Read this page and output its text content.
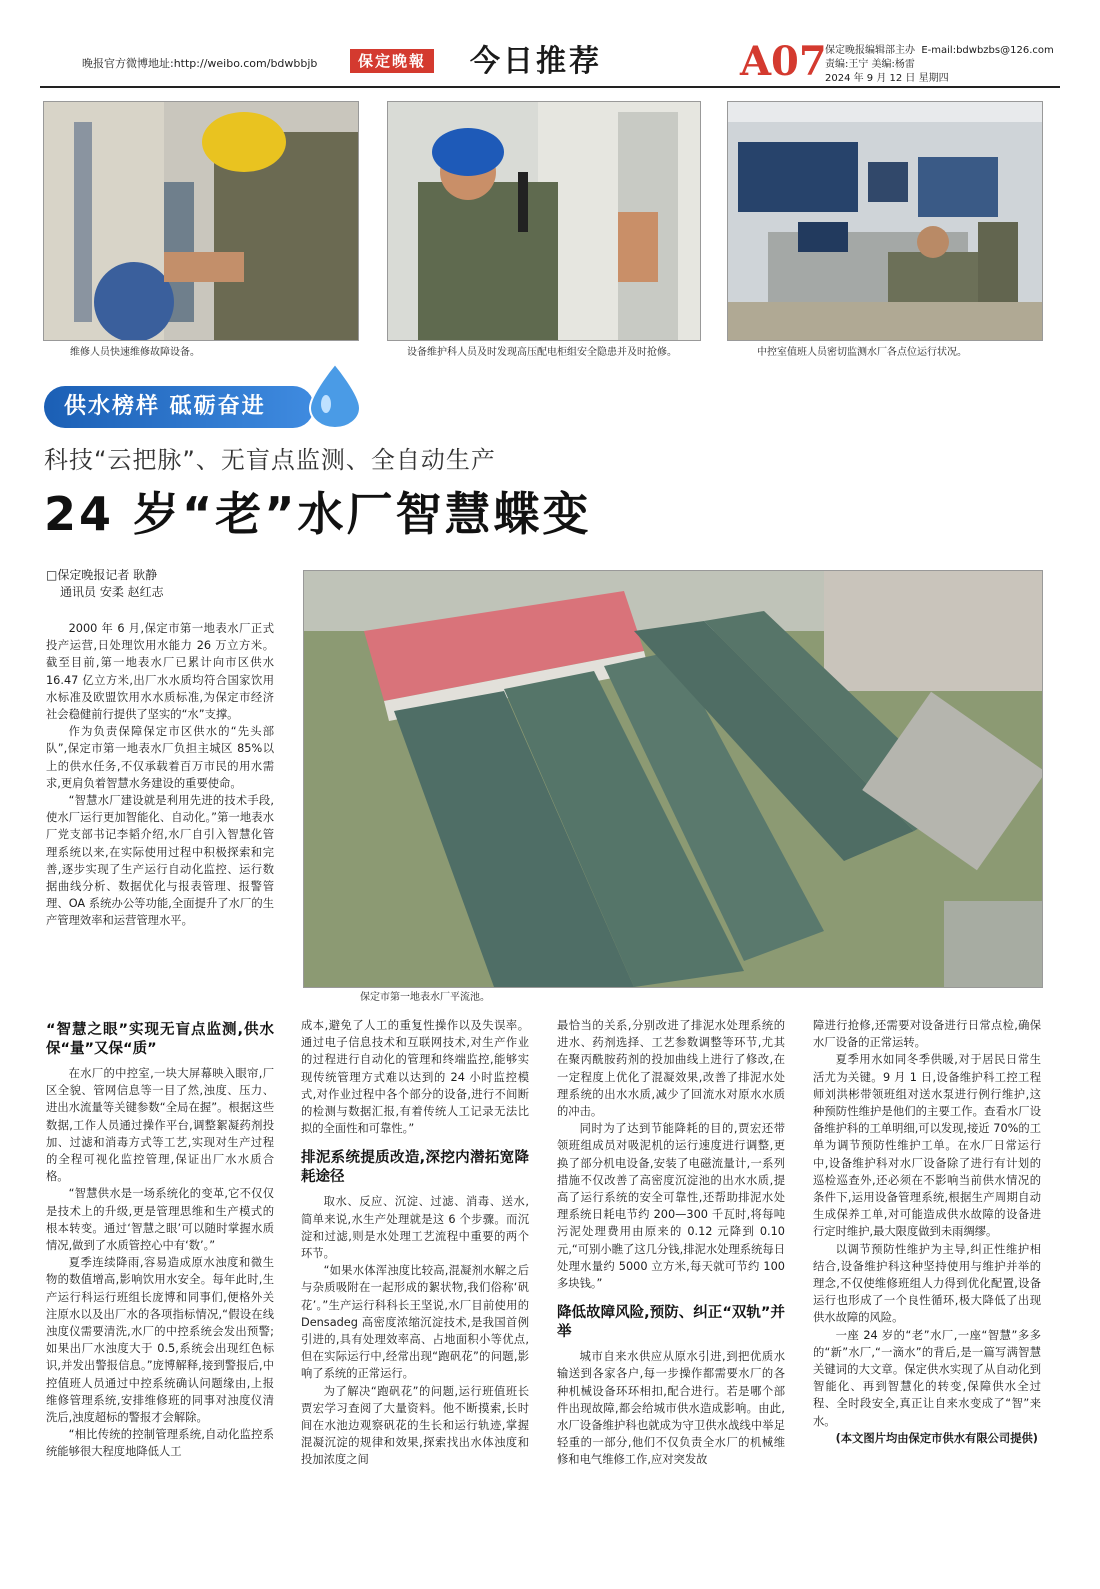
晚报官方微博地址:http://weibo.com/bdwbbjb	保定晚報 今日推荐	A07
保定晚报编辑部主办 E-mail:bdwbzbs@126.com
责编:王宁 美编:杨雷
2024 年 9 月 12 日 星期四
维修人员快速维修故障设备。	设备维护科人员及时发现高压配电柜组安全隐患并及时抢修。	中控室值班人员密切监测水厂各点位运行状况。
供水榜样 砥砺奋进
科技“云把脉”、无盲点监测、全自动生产
24 岁“老”水厂智慧蝶变
□保定晚报记者 耿静
通讯员 安柔 赵红志
保定市第一地表水厂平流池。

2000 年 6 月,保定市第一地表水厂正式投产运营,日处理饮用水能力 26 万立方米。截至目前,第一地表水厂已累计向市区供水 16.47 亿立方米,出厂水水质均符合国家饮用水标准及欧盟饮用水水质标准,为保定市经济社会稳健前行提供了坚实的“水”支撑。

作为负责保障保定市区供水的“先头部队”,保定市第一地表水厂负担主城区 85%以上的供水任务,不仅承载着百万市民的用水需求,更肩负着智慧水务建设的重要使命。

“智慧水厂建设就是利用先进的技术手段,使水厂运行更加智能化、自动化。”第一地表水厂党支部书记李韬介绍,水厂自引入智慧化管理系统以来,在实际使用过程中积极探索和完善,逐步实现了生产运行自动化监控、运行数据曲线分析、数据优化与报表管理、报警管理、OA 系统办公等功能,全面提升了水厂的生产管理效率和运营管理水平。

“智慧之眼”实现无盲点监测,供水保“量”又保“质”

在水厂的中控室,一块大屏幕映入眼帘,厂区全貌、管网信息等一目了然,浊度、压力、进出水流量等关键参数“全局在握”。根据这些数据,工作人员通过操作平台,调整絮凝药剂投加、过滤和消毒方式等工艺,实现对生产过程的全程可视化监控管理,保证出厂水水质合格。

“智慧供水是一场系统化的变革,它不仅仅是技术上的升级,更是管理思维和生产模式的根本转变。通过‘智慧之眼’可以随时掌握水质情况,做到了水质管控心中有‘数’。”

夏季连续降雨,容易造成原水浊度和微生物的数值增高,影响饮用水安全。每年此时,生产运行科运行班组长庞博和同事们,便格外关注原水以及出厂水的各项指标情况,“假设在线浊度仪需要清洗,水厂的中控系统会发出预警;如果出厂水浊度大于 0.5,系统会出现红色标识,并发出警报信息。”庞博解释,接到警报后,中控值班人员通过中控系统确认问题缘由,上报维修管理系统,安排维修班的同事对浊度仪清洗后,浊度超标的警报才会解除。

“相比传统的控制管理系统,自动化监控系统能够很大程度地降低人工

成本,避免了人工的重复性操作以及失误率。通过电子信息技术和互联网技术,对生产作业的过程进行自动化的管理和终端监控,能够实现传统管理方式难以达到的 24 小时监控模式,对作业过程中各个部分的设备,进行不间断的检测与数据汇报,有着传统人工记录无法比拟的全面性和可靠性。”

排泥系统提质改造,深挖内潜拓宽降耗途径

取水、反应、沉淀、过滤、消毒、送水,简单来说,水生产处理就是这 6 个步骤。而沉淀和过滤,则是水处理工艺流程中重要的两个环节。

“如果水体浑浊度比较高,混凝剂水解之后与杂质吸附在一起形成的絮状物,我们俗称‘矾花’。”生产运行科科长王坚说,水厂目前使用的 Densadeg 高密度浓缩沉淀技术,是我国首例引进的,具有处理效率高、占地面积小等优点,但在实际运行中,经常出现“跑矾花”的问题,影响了系统的正常运行。

为了解决“跑矾花”的问题,运行班值班长贾宏学习查阅了大量资料。他不断摸索,长时间在水池边观察矾花的生长和运行轨迹,掌握混凝沉淀的规律和效果,探索找出水体浊度和投加浓度之间

最恰当的关系,分别改进了排泥水处理系统的进水、药剂选择、工艺参数调整等环节,尤其在聚丙酰胺药剂的投加曲线上进行了修改,在一定程度上优化了混凝效果,改善了排泥水处理系统的出水水质,减少了回流水对原水水质的冲击。

同时为了达到节能降耗的目的,贾宏还带领班组成员对吸泥机的运行速度进行调整,更换了部分机电设备,安装了电磁流量计,一系列措施不仅改善了高密度沉淀池的出水水质,提高了运行系统的安全可靠性,还帮助排泥水处理系统日耗电节约 200—300 千瓦时,将每吨污泥处理费用由原来的 0.12 元降到 0.10 元,“可别小瞧了这几分钱,排泥水处理系统每日处理水量约 5000 立方米,每天就可节约 100 多块钱。”

降低故障风险,预防、纠正“双轨”并举

城市自来水供应从原水引进,到把优质水输送到各家各户,每一步操作都需要水厂的各种机械设备环环相扣,配合进行。若是哪个部件出现故障,都会给城市供水造成影响。由此,水厂设备维护科也就成为守卫供水战线中举足轻重的一部分,他们不仅负责全水厂的机械维修和电气维修工作,应对突发故

障进行抢修,还需要对设备进行日常点检,确保水厂设备的正常运转。

夏季用水如同冬季供暖,对于居民日常生活尤为关键。9 月 1 日,设备维护科工控工程师刘洪彬带领班组对送水泵进行例行维护,这种预防性维护是他们的主要工作。查看水厂设备维护科的工单明细,可以发现,接近 70%的工单为调节预防性维护工单。在水厂日常运行中,设备维护科对水厂设备除了进行有计划的巡检巡查外,还必须在不影响当前供水情况的条件下,运用设备管理系统,根据生产周期自动生成保养工单,对可能造成供水故障的设备进行定时维护,最大限度做到未雨绸缪。

以调节预防性维护为主导,纠正性维护相结合,设备维护科这种坚持使用与维护并举的理念,不仅使维修班组人力得到优化配置,设备运行也形成了一个良性循环,极大降低了出现供水故障的风险。

一座 24 岁的“老”水厂,一座“智慧”多多的“新”水厂,“一滴水”的背后,是一篇写满智慧关键词的大文章。保定供水实现了从自动化到智能化、再到智慧化的转变,保障供水全过程、全时段安全,真正让自来水变成了“智”来水。

(本文图片均由保定市供水有限公司提供)
